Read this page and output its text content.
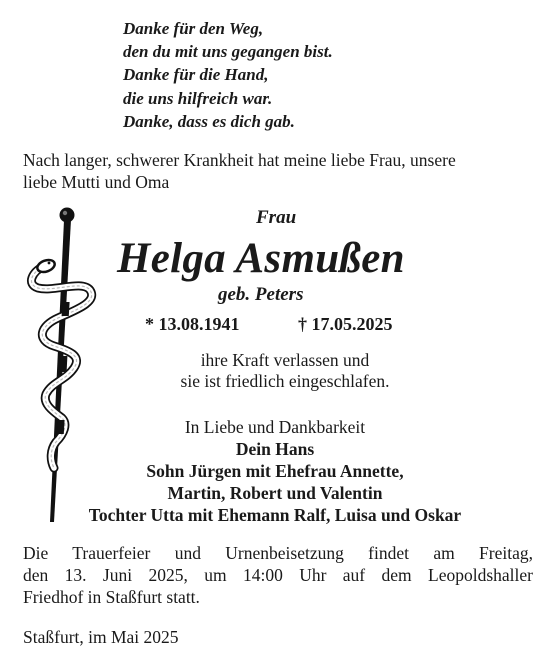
Danke für den Weg,
den du mit uns gegangen bist.
Danke für die Hand,
die uns hilfreich war.
Danke, dass es dich gab.
Nach langer, schwerer Krankheit hat meine liebe Frau, unsere
liebe Mutti und Oma
Frau
Helga Asmußen
geb. Peters
* 13.08.1941	† 17.05.2025
ihre Kraft verlassen und
sie ist friedlich eingeschlafen.
In Liebe und Dankbarkeit
Dein Hans
Sohn Jürgen mit Ehefrau Annette,
Martin, Robert und Valentin
Tochter Utta mit Ehemann Ralf, Luisa und Oskar
Die Trauerfeier und Urnenbeisetzung findet am Freitag,
den 13. Juni 2025, um 14:00 Uhr auf dem Leopoldshaller
Friedhof in Staßfurt statt.
Staßfurt, im Mai 2025
